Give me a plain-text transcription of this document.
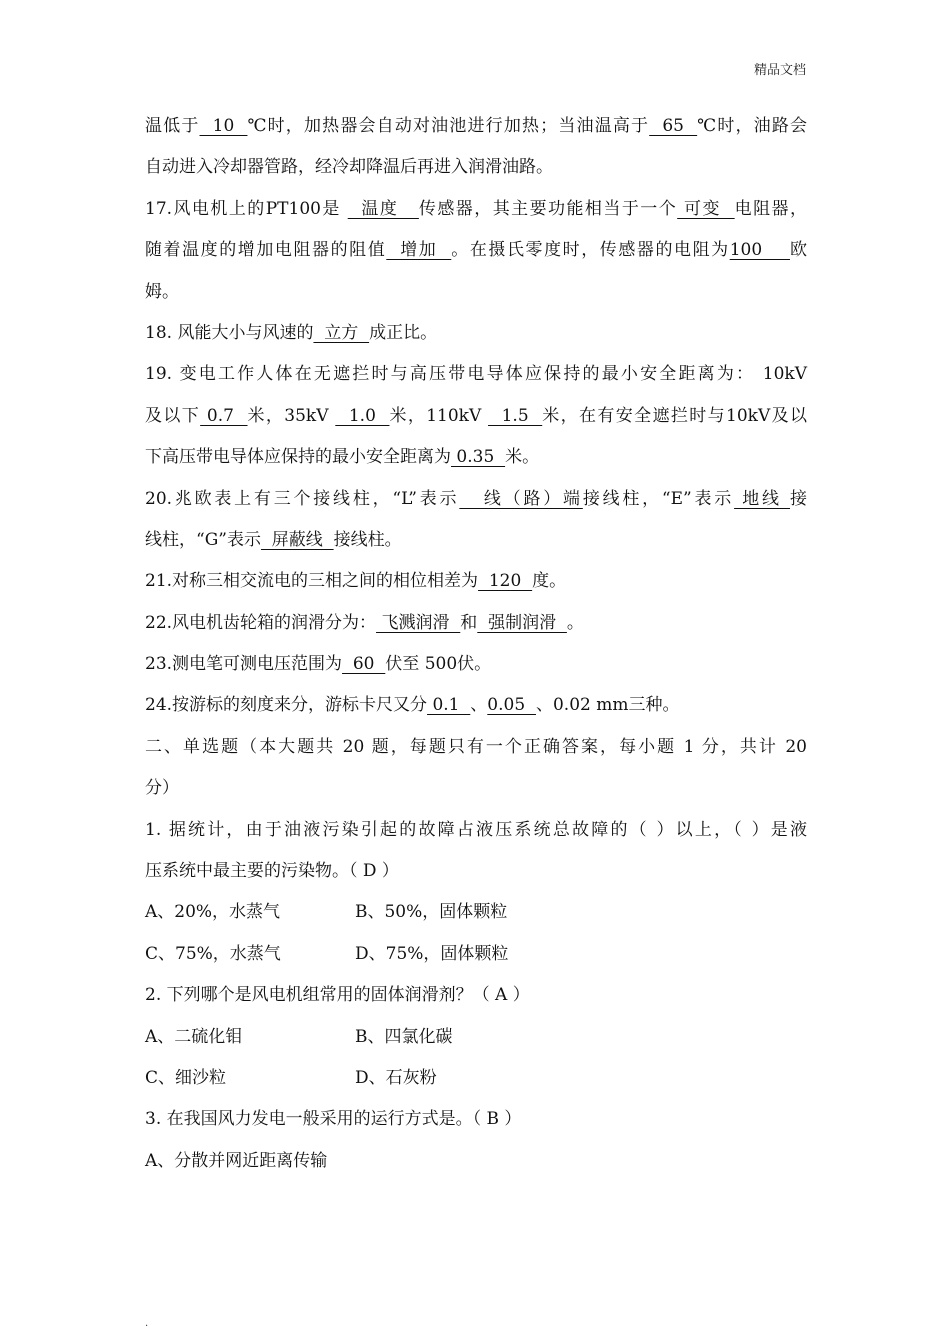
精品文档
温低于  10  ℃时，加热器会自动对油池进行加热；当油温高于  65  ℃时，油路会
自动进入冷却器管路，经冷却降温后再进入润滑油路。
17.风电机上的PT100是   温度   传感器，其主要功能相当于一个 可变  电阻器，
随着温度的增加电阻器的阻值  增加  。在摄氏零度时，传感器的电阻为100    欧
姆。
18. 风能大小与风速的  立方  成正比。
19. 变电工作人体在无遮拦时与高压带电导体应保持的最小安全距离为： 10kV
及以下 0.7  米，35kV   1.0  米，110kV   1.5  米，在有安全遮拦时与10kV及以
下高压带电导体应保持的最小安全距离为 0.35  米。
20.兆欧表上有三个接线柱，“L”表示   线（路）端接线柱，“E”表示 地线 接
线柱，“G”表示  屏蔽线  接线柱。
21.对称三相交流电的三相之间的相位相差为  120  度。
22.风电机齿轮箱的润滑分为： 飞溅润滑  和  强制润滑  。
23.测电笔可测电压范围为  60  伏至 500伏。
24.按游标的刻度来分，游标卡尺又分 0.1  、0.05  、0.02 mm三种。
二、单选题（本大题共 20 题，每题只有一个正确答案，每小题 1 分，共计 20
分）
1. 据统计，由于油液污染引起的故障占液压系统总故障的（ ）以上，（ ）是液
压系统中最主要的污染物。（ D ）
A、20%，水蒸气	B、50%，固体颗粒
C、75%，水蒸气	D、75%，固体颗粒
2. 下列哪个是风电机组常用的固体润滑剂？（ A ）
A、二硫化钼	B、四氯化碳
C、细沙粒	D、石灰粉
3. 在我国风力发电一般采用的运行方式是。（ B ）
A、分散并网近距离传输
.
